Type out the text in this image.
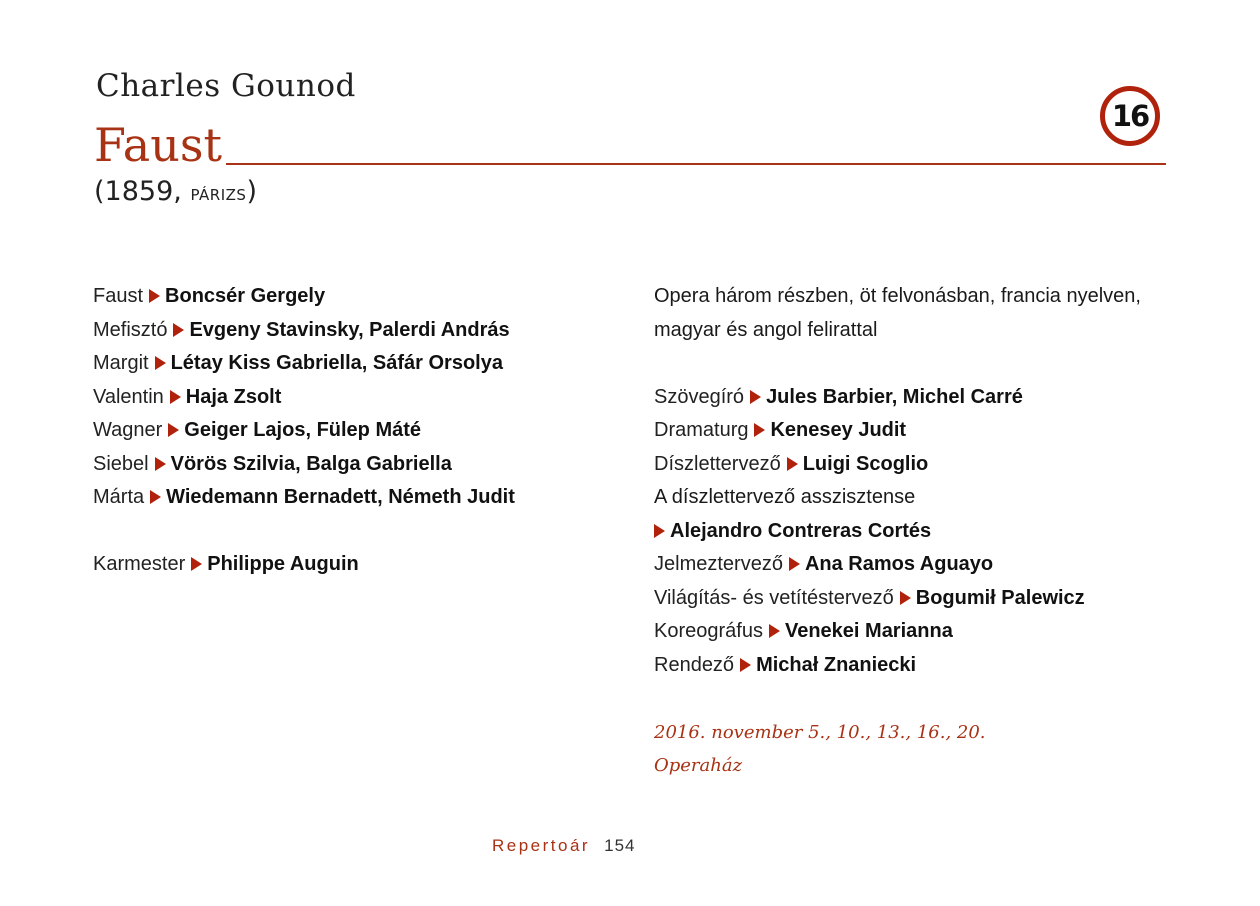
Charles Gounod
Faust
16
(1859, PÁRIZS)
Faust Boncsér Gergely
Mefisztó Evgeny Stavinsky, Palerdi András
Margit Létay Kiss Gabriella, Sáfár Orsolya
Valentin Haja Zsolt
Wagner Geiger Lajos, Fülep Máté
Siebel Vörös Szilvia, Balga Gabriella
Márta Wiedemann Bernadett, Németh Judit
Karmester Philippe Auguin
Opera három részben, öt felvonásban, francia nyelven,
magyar és angol felirattal
Szövegíró Jules Barbier, Michel Carré
Dramaturg Kenesey Judit
Díszlettervező Luigi Scoglio
A díszlettervező asszisztense
Alejandro Contreras Cortés
Jelmeztervező Ana Ramos Aguayo
Világítás- és vetítéstervező Bogumił Palewicz
Koreográfus Venekei Marianna
Rendező Michał Znaniecki
2016. november 5., 10., 13., 16., 20.
Operaház
Repertoár 154
